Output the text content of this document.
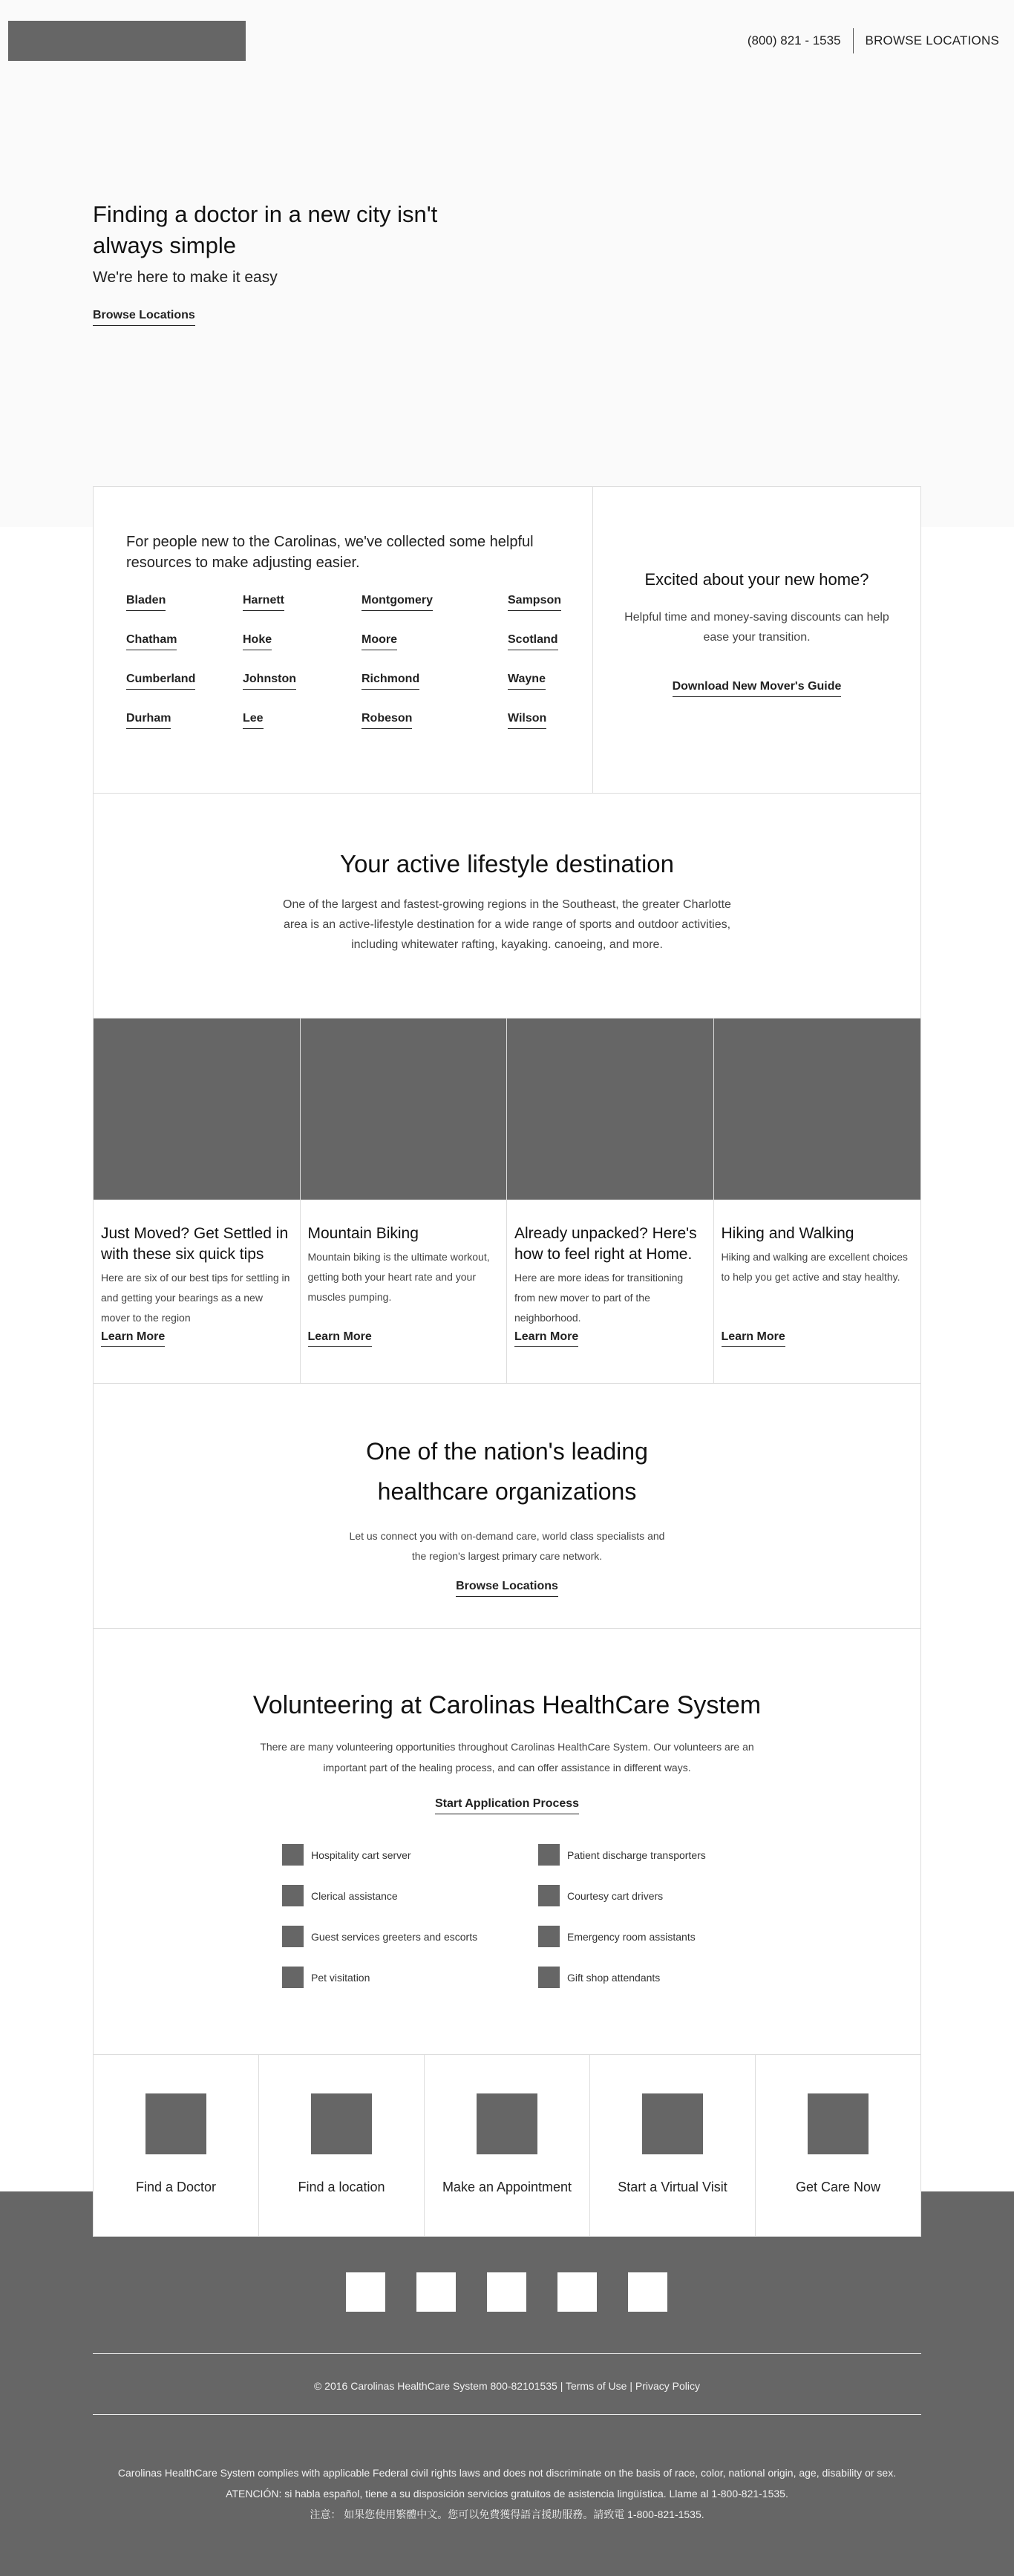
(800) 821 - 1535	BROWSE LOCATIONS
Finding a doctor in a new city isn't always simple
We're here to make it easy
Browse Locations

For people new to the Carolinas, we've collected some helpful resources to make adjusting easier.

Bladen	Harnett	Montgomery	Sampson
Chatham	Hoke	Moore	Scotland
Cumberland	Johnston	Richmond	Wayne
Durham	Lee	Robeson	Wilson
Excited about your new home?

Helpful time and money-saving discounts can help ease your transition.

Download New Mover's Guide
Your active lifestyle destination

One of the largest and fastest-growing regions in the Southeast, the greater Charlotte area is an active-lifestyle destination for a wide range of sports and outdoor activities, including whitewater rafting, kayaking. canoeing, and more.

Just Moved? Get Settled in with these six quick tips

Here are six of our best tips for settling in and getting your bearings as a new mover to the region

Learn More
Mountain Biking

Mountain biking is the ultimate workout, getting both your heart rate and your muscles pumping.

Learn More
Already unpacked? Here's how to feel right at Home.

Here are more ideas for transitioning from new mover to part of the neighborhood.

Learn More
Hiking and Walking

Hiking and walking are excellent choices to help you get active and stay healthy.

Learn More
One of the nation's leading healthcare organizations

Let us connect you with on-demand care, world class specialists and the region's largest primary care network.

Browse Locations
Volunteering at Carolinas HealthCare System

There are many volunteering opportunities throughout Carolinas HealthCare System. Our volunteers are an important part of the healing process, and can offer assistance in different ways.

Start Application Process
Hospitality cart server	Patient discharge transporters
Clerical assistance	Courtesy cart drivers
Guest services greeters and escorts	Emergency room assistants
Pet visitation	Gift shop attendants
Find a Doctor	Find a location	Make an Appointment	Start a Virtual Visit	Get Care Now
© 2016 Carolinas HealthCare System 800-82101535 | Terms of Use | Privacy Policy
Carolinas HealthCare System complies with applicable Federal civil rights laws and does not discriminate on the basis of race, color, national origin, age, disability or sex.
ATENCIÓN: si habla español, tiene a su disposición servicios gratuitos de asistencia lingüística. Llame al 1-800-821-1535.
注意： 如果您使用繁體中文。您可以免費獲得語言援助服務。請致電 1-800-821-1535.
